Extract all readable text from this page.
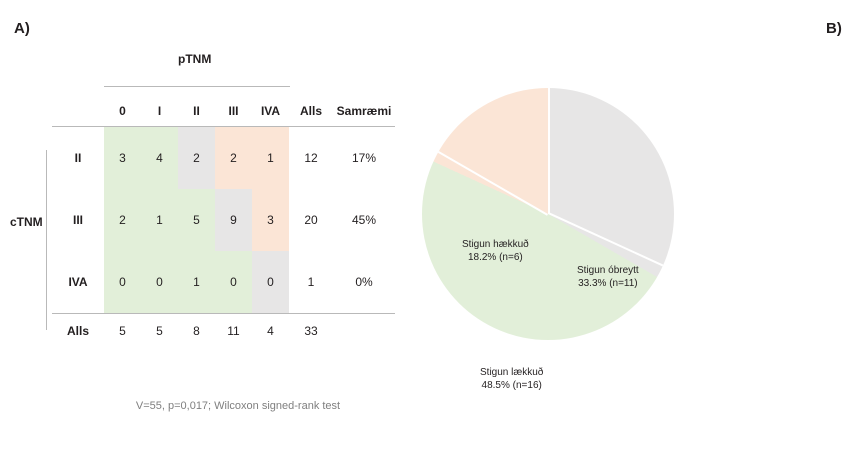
A)
pTNM
cTNM
	0	I	II	III	IVA	Alls	Samræmi
II	3	4	2	2	1	12	17%
III	2	1	5	9	3	20	45%
IVA	0	0	1	0	0	1	0%
Alls	5	5	8	11	4	33	
V=55, p=0,017; Wilcoxon signed-rank test
B)
Stigun óbreytt
33.3% (n=11)
Stigun lækkuð
48.5% (n=16)
Stigun hækkuð
18.2% (n=6)
